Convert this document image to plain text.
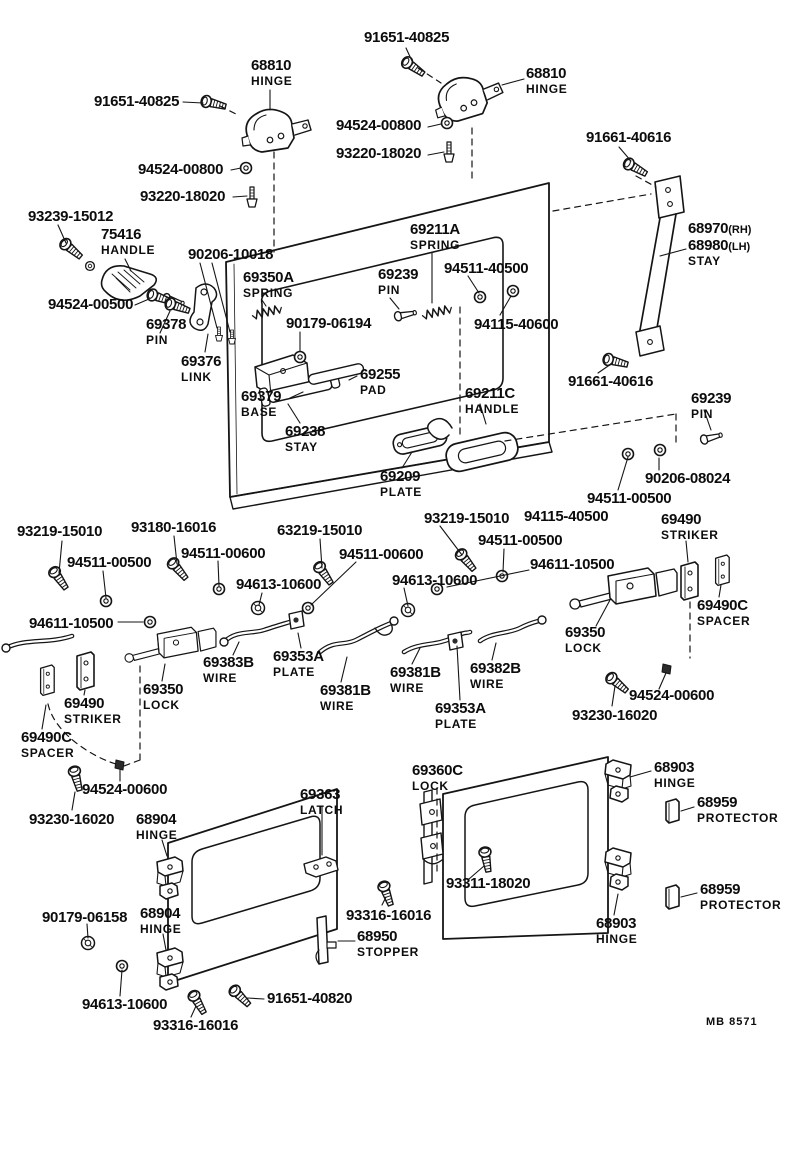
91651-40825
68810
HINGE	68810
HINGE
91651-40825
94524-00800
91661-40616
93220-18020
94524-00800
93220-18020
93239-15012
75416
HANDLE
68970(RH)
68980(LH)
STAY
90206-10018
69211A
SPRING
69350A
SPRING
69239
PIN
94511-40500
94524-00500
69378
PIN
90179-06194	94115-40600
69376
LINK	91661-40616
69255
PAD
69379
BASE
69211C
HANDLE
69239
PIN
69238
STAY
69209
PLATE
90206-08024
94511-00500
93219-15010 94115-40500
94511-00500
94611-10500
69490
STRIKER
93219-15010 93180-16016
94511-00500
94511-00600
63219-15010
94511-00600
94613-10600	94613-10600
94611-10500
69490C
SPACER
69350
LOCK
69383B
WIRE
69353A
PLATE
69381B
WIRE
69381B
WIRE
69382B
WIRE
69353A
PLATE
69350
LOCK
69490
STRIKER
69490C
SPACER
94524-00600
93230-16020
94524-00600
93230-16020 68904
HINGE
69363
LATCH
69360C
LOCK
68903
HINGE
68959
PROTECTOR
90179-06158 68904
HINGE
93316-16016
68950
STOPPER
93311-18020
68903
HINGE
68959
PROTECTOR
94613-10600	91651-40820
93316-16016	MB 8571
